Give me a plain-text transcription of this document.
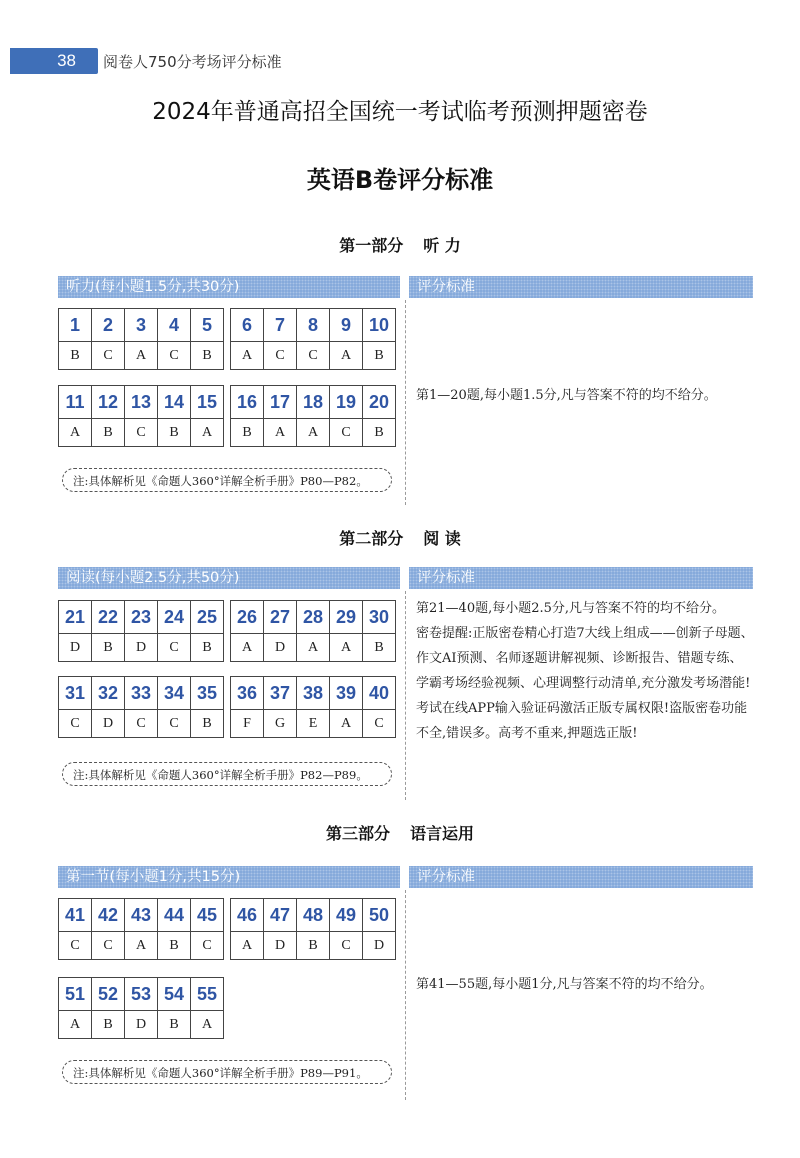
38 阅卷人750分考场评分标准
2024年普通高招全国统一考试临考预测押题密卷
英语B卷评分标准
第一部分 听 力
听力(每小题1.5分,共30分)	评分标准
1	2	3	4	5
B	C	A	C	B
6	7	8	9	10
A	C	C	A	B
11	12	13	14	15
A	B	C	B	A
16	17	18	19	20
B	A	A	C	B
注:具体解析见《命题人360°详解全析手册》P80—P82。

第1—20题,每小题1.5分,凡与答案不符的均不给分。

第二部分 阅 读
阅读(每小题2.5分,共50分)	评分标准
21	22	23	24	25
D	B	D	C	B
26	27	28	29	30
A	D	A	A	B
31	32	33	34	35
C	D	C	C	B
36	37	38	39	40
F	G	E	A	C
注:具体解析见《命题人360°详解全析手册》P82—P89。

第21—40题,每小题2.5分,凡与答案不符的均不给分。

密卷提醒:正版密卷精心打造7大线上组成——创新子母题、作文AI预测、名师逐题讲解视频、诊断报告、错题专练、学霸考场经验视频、心理调整行动清单,充分激发考场潜能!考试在线APP输入验证码激活正版专属权限!盗版密卷功能不全,错误多。高考不重来,押题选正版!

第三部分 语言运用
第一节(每小题1分,共15分)	评分标准
41	42	43	44	45
C	C	A	B	C
46	47	48	49	50
A	D	B	C	D
51	52	53	54	55
A	B	D	B	A
注:具体解析见《命题人360°详解全析手册》P89—P91。

第41—55题,每小题1分,凡与答案不符的均不给分。
